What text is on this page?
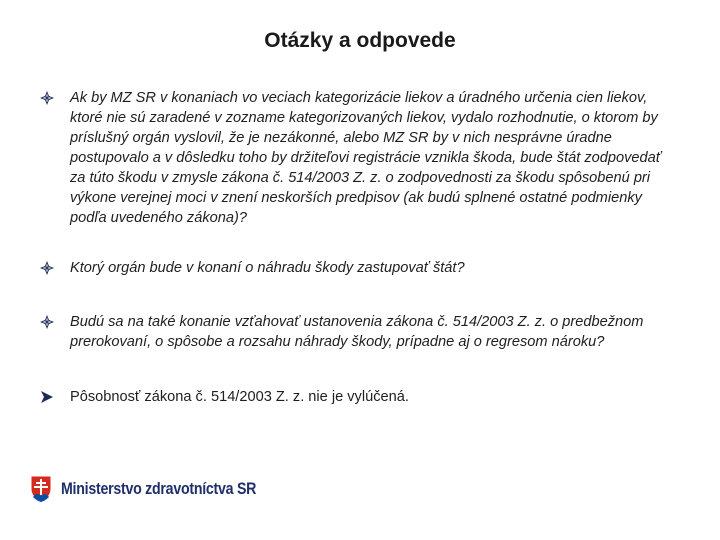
Otázky a odpovede
Ak by MZ SR v konaniach vo veciach kategorizácie liekov a úradného určenia cien liekov, ktoré nie sú zaradené v zozname kategorizovaných liekov, vydalo rozhodnutie, o ktorom by príslušný orgán vyslovil, že je nezákonné, alebo MZ SR by v nich nesprávne úradne postupovalo a v dôsledku toho by držiteľovi registrácie vznikla škoda, bude štát zodpovedať za túto škodu v zmysle zákona č. 514/2003 Z. z. o zodpovednosti za škodu spôsobenú pri výkone verejnej moci v znení neskorších predpisov (ak budú splnené ostatné podmienky podľa uvedeného zákona)?
Ktorý orgán bude v konaní o náhradu škody zastupovať štát?
Budú sa na také konanie vzťahovať ustanovenia zákona č. 514/2003 Z. z. o predbežnom prerokovaní, o spôsobe a rozsahu náhrady škody, prípadne aj o regresom nároku?
Pôsobnosť zákona č. 514/2003 Z. z. nie je vylúčená.
Ministerstvo zdravotníctva SR
